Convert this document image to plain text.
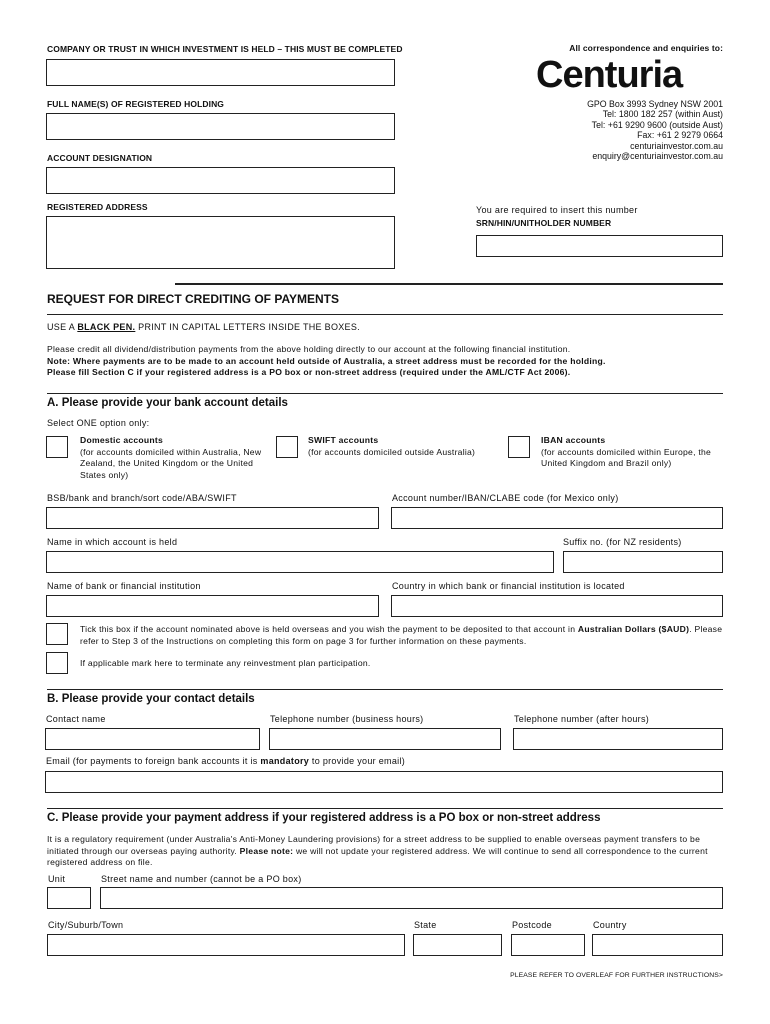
COMPANY OR TRUST IN WHICH INVESTMENT IS HELD – THIS MUST BE COMPLETED
FULL NAME(S) OF REGISTERED HOLDING
ACCOUNT DESIGNATION
REGISTERED ADDRESS
All correspondence and enquiries to:
Centuria
GPO Box 3993 Sydney NSW 2001
Tel: 1800 182 257 (within Aust)
Tel: +61 9290 9600 (outside Aust)
Fax: +61 2 9279 0664
centuriainvestor.com.au
enquiry@centuriainvestor.com.au
You are required to insert this number
SRN/HIN/UNITHOLDER NUMBER
REQUEST FOR DIRECT CREDITING OF PAYMENTS
USE A BLACK PEN. PRINT IN CAPITAL LETTERS INSIDE THE BOXES.
Please credit all dividend/distribution payments from the above holding directly to our account at the following financial institution.
Note: Where payments are to be made to an account held outside of Australia, a street address must be recorded for the holding.
Please fill Section C if your registered address is a PO box or non-street address (required under the AML/CTF Act 2006).
A. Please provide your bank account details
Select ONE option only:
Domestic accounts
(for accounts domiciled within Australia, New Zealand, the United Kingdom or the United States only)
SWIFT accounts
(for accounts domiciled outside Australia)
IBAN accounts
(for accounts domiciled within Europe, the United Kingdom and Brazil only)
BSB/bank and branch/sort code/ABA/SWIFT	Account number/IBAN/CLABE code (for Mexico only)
Name in which account is held	Suffix no. (for NZ residents)
Name of bank or financial institution	Country in which bank or financial institution is located
Tick this box if the account nominated above is held overseas and you wish the payment to be deposited to that account in Australian Dollars ($AUD). Please refer to Step 3 of the Instructions on completing this form on page 3 for further information on these payments.
If applicable mark here to terminate any reinvestment plan participation.
B. Please provide your contact details
Contact name	Telephone number (business hours)	Telephone number (after hours)
Email (for payments to foreign bank accounts it is mandatory to provide your email)
C. Please provide your payment address if your registered address is a PO box or non-street address
It is a regulatory requirement (under Australia's Anti-Money Laundering provisions) for a street address to be supplied to enable overseas payment transfers to be initiated through our overseas paying authority. Please note: we will not update your registered address. We will continue to send all correspondence to the current registered address on file.
Unit	Street name and number (cannot be a PO box)
City/Suburb/Town	State	Postcode	Country
PLEASE REFER TO OVERLEAF FOR FURTHER INSTRUCTIONS>
